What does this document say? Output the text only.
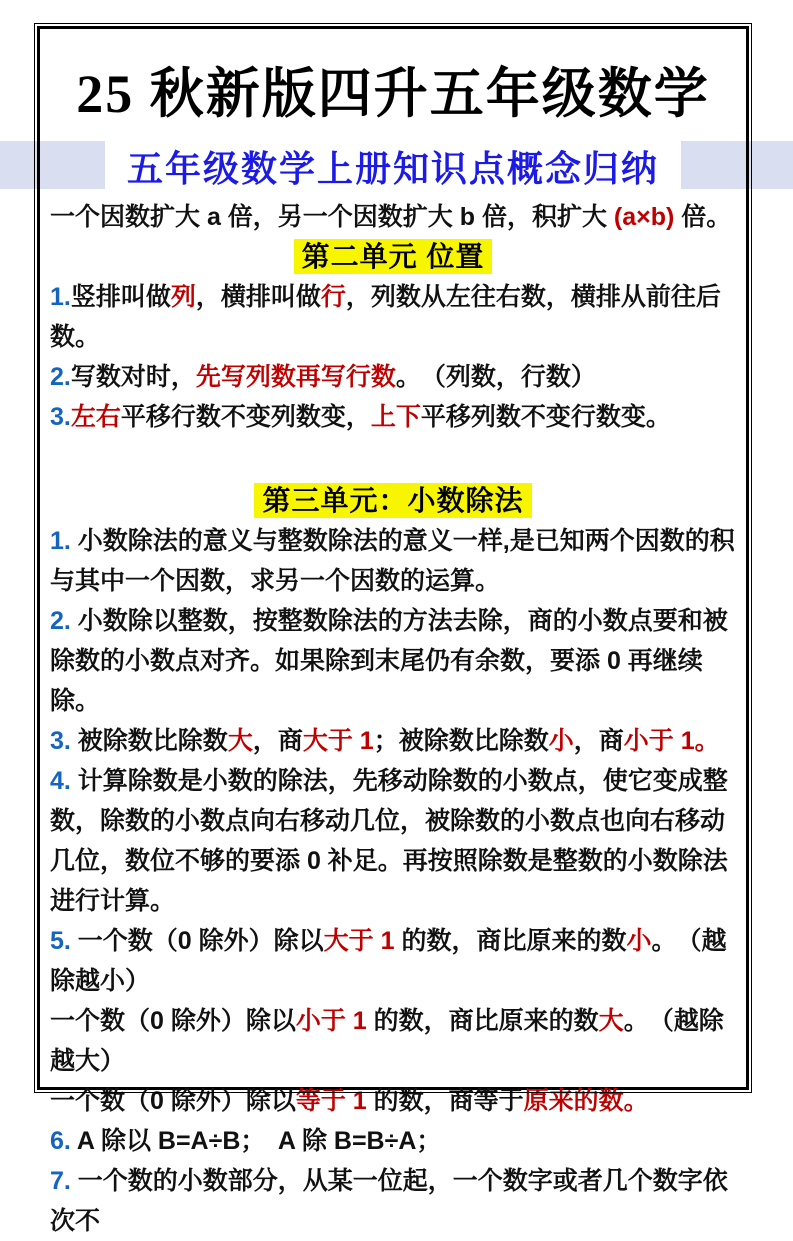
25 秋新版四升五年级数学
五年级数学上册知识点概念归纳

一个因数扩大 a 倍，另一个因数扩大 b 倍，积扩大 (a×b) 倍。

第二单元 位置

1.竖排叫做列，横排叫做行，列数从左往右数，横排从前往后数。

2.写数对时，先写列数再写行数。　（列数，行数）

3.左右平移行数不变列数变，上下平移列数不变行数变。

第三单元：小数除法

1. 小数除法的意义与整数除法的意义一样,是已知两个因数的积与其中一个因数，求另一个因数的运算。

2. 小数除以整数，按整数除法的方法去除，商的小数点要和被除数的小数点对齐。如果除到末尾仍有余数，要添 0 再继续除。

3. 被除数比除数大，商大于 1；被除数比除数小，商小于 1。

4. 计算除数是小数的除法，先移动除数的小数点，使它变成整数，除数的小数点向右移动几位，被除数的小数点也向右移动几位，数位不够的要添 0 补足。再按照除数是整数的小数除法进行计算。

5. 一个数（0 除外）除以大于 1 的数，商比原来的数小。　（越除越小）

一个数（0 除外）除以小于 1 的数，商比原来的数大。　（越除越大）

一个数（0 除外）除以等于 1 的数，商等于原来的数。

6. A 除以 B=A÷B； A 除 B=B÷A；

7. 一个数的小数部分，从某一位起，一个数字或者几个数字依次不
